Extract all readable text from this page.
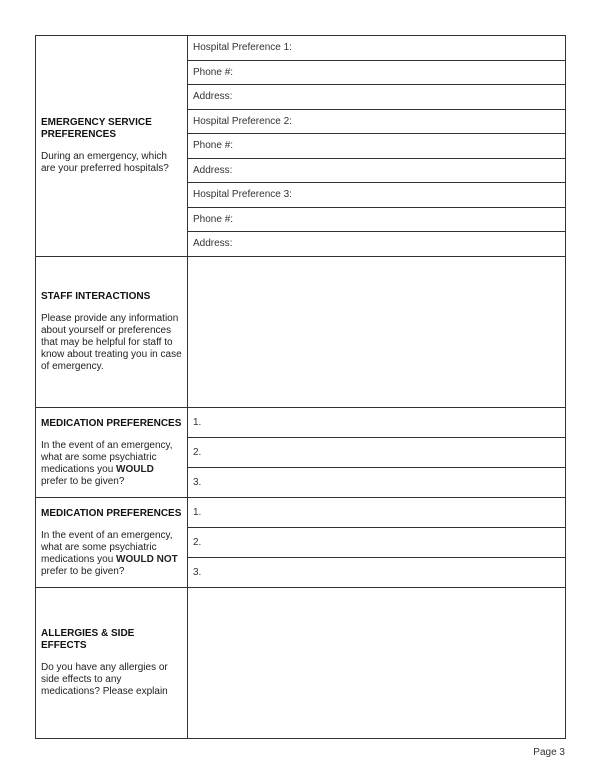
EMERGENCY SERVICE PREFERENCES
During an emergency, which are your preferred hospitals?	Hospital Preference 1:
	Phone #:
	Address:
	Hospital Preference 2:
	Phone #:
	Address:
	Hospital Preference 3:
	Phone #:
	Address:

STAFF INTERACTIONS
Please provide any information about yourself or preferences that may be helpful for staff to know about treating you in case of emergency.	

MEDICATION PREFERENCES
In the event of an emergency, what are some psychiatric medications you WOULD prefer to be given?	1.
	2.
	3.

MEDICATION PREFERENCES
In the event of an emergency, what are some psychiatric medications you WOULD NOT prefer to be given?	1.
	2.
	3.

ALLERGIES & SIDE EFFECTS
Do you have any allergies or side effects to any medications? Please explain	

Page 3
